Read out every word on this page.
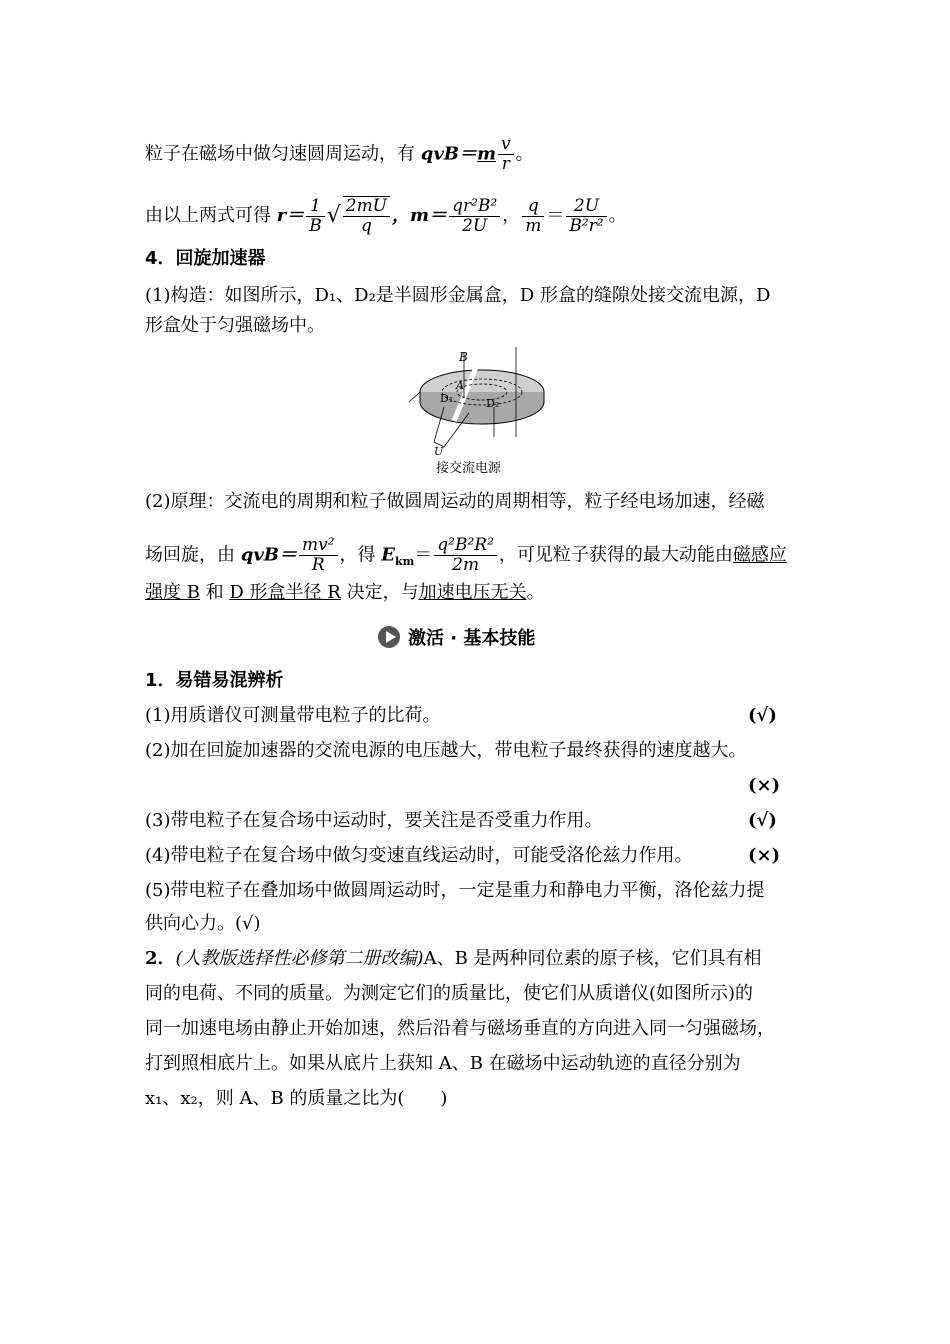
粒子在磁场中做匀速圆周运动，有 $qvB=m \frac{v}{r}$ 。
由以上两式可得 $r= \frac{1}{B}$ √ $\frac{2mU}{q}$ ，$m= \frac{\text{qr²B²}}{2U}$ ， $\frac{q}{m} = \frac{2U}{\text{B²r²}}$ 。
4．回旋加速器
(1)构造：如图所示，D₁、D₂是半圆形金属盒，D 形盒的缝隙处接交流电源，D
形盒处于匀强磁场中。
B
A
D₁	D₂
U
接交流电源
(2)原理：交流电的周期和粒子做圆周运动的周期相等，粒子经电场加速，经磁
场回旋，由 $qvB= \frac{\text{mv²}}{R}$ ，得 $E_{km}= \frac{\text{q²B²R²}}{2m}$ ，可见粒子获得的最大动能由磁感应
强度 B 和 D 形盒半径 R 决定，与加速电压无关。
激活 · 基本技能
1．易错易混辨析
(1)用质谱仪可测量带电粒子的比荷。	(√)
(2)加在回旋加速器的交流电源的电压越大，带电粒子最终获得的速度越大。
(×)
(3)带电粒子在复合场中运动时，要关注是否受重力作用。	(√)
(4)带电粒子在复合场中做匀变速直线运动时，可能受洛伦兹力作用。	(×)
(5)带电粒子在叠加场中做圆周运动时，一定是重力和静电力平衡，洛伦兹力提
供向心力。(√)
2．(人教版选择性必修第二册改编)A、B 是两种同位素的原子核，它们具有相
同的电荷、不同的质量。为测定它们的质量比，使它们从质谱仪(如图所示)的
同一加速电场由静止开始加速，然后沿着与磁场垂直的方向进入同一匀强磁场，
打到照相底片上。如果从底片上获知 A、B 在磁场中运动轨迹的直径分别为
x₁、x₂，则 A、B 的质量之比为(　　)
